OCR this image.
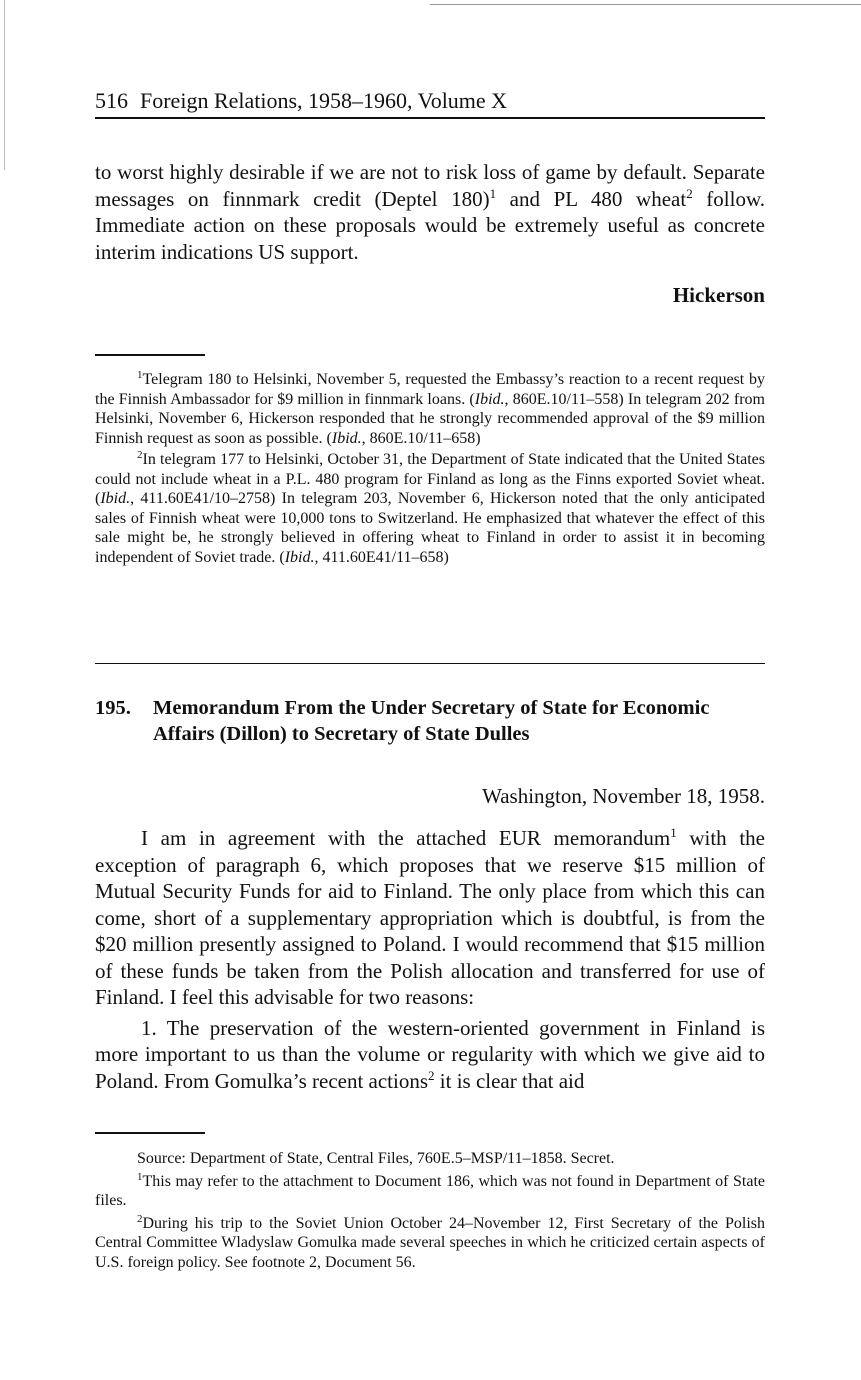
516 Foreign Relations, 1958–1960, Volume X

to worst highly desirable if we are not to risk loss of game by default. Separate messages on finnmark credit (Deptel 180)$^1$ and PL 480 wheat$^2$ follow. Immediate action on these proposals would be extremely useful as concrete interim indications US support.

Hickerson

$^1$Telegram 180 to Helsinki, November 5, requested the Embassy’s reaction to a recent request by the Finnish Ambassador for $9 million in finnmark loans. (Ibid., 860E.10/11–558) In telegram 202 from Helsinki, November 6, Hickerson responded that he strongly recommended approval of the $9 million Finnish request as soon as possible. (Ibid., 860E.10/11–658)

$^2$In telegram 177 to Helsinki, October 31, the Department of State indicated that the United States could not include wheat in a P.L. 480 program for Finland as long as the Finns exported Soviet wheat. (Ibid., 411.60E41/10–2758) In telegram 203, November 6, Hickerson noted that the only anticipated sales of Finnish wheat were 10,000 tons to Switzerland. He emphasized that whatever the effect of this sale might be, he strongly believed in offering wheat to Finland in order to assist it in becoming independent of Soviet trade. (Ibid., 411.60E41/11–658)

195.	Memorandum From the Under Secretary of State for Economic Affairs (Dillon) to Secretary of State Dulles
Washington, November 18, 1958.

I am in agreement with the attached EUR memorandum$^1$ with the exception of paragraph 6, which proposes that we reserve $15 million of Mutual Security Funds for aid to Finland. The only place from which this can come, short of a supplementary appropriation which is doubtful, is from the $20 million presently assigned to Poland. I would recommend that $15 million of these funds be taken from the Polish allocation and transferred for use of Finland. I feel this advisable for two reasons:

1. The preservation of the western-oriented government in Finland is more important to us than the volume or regularity with which we give aid to Poland. From Gomulka’s recent actions$^2$ it is clear that aid

Source: Department of State, Central Files, 760E.5–MSP/11–1858. Secret.

$^1$This may refer to the attachment to Document 186, which was not found in Department of State files.

$^2$During his trip to the Soviet Union October 24–November 12, First Secretary of the Polish Central Committee Wladyslaw Gomulka made several speeches in which he criticized certain aspects of U.S. foreign policy. See footnote 2, Document 56.
